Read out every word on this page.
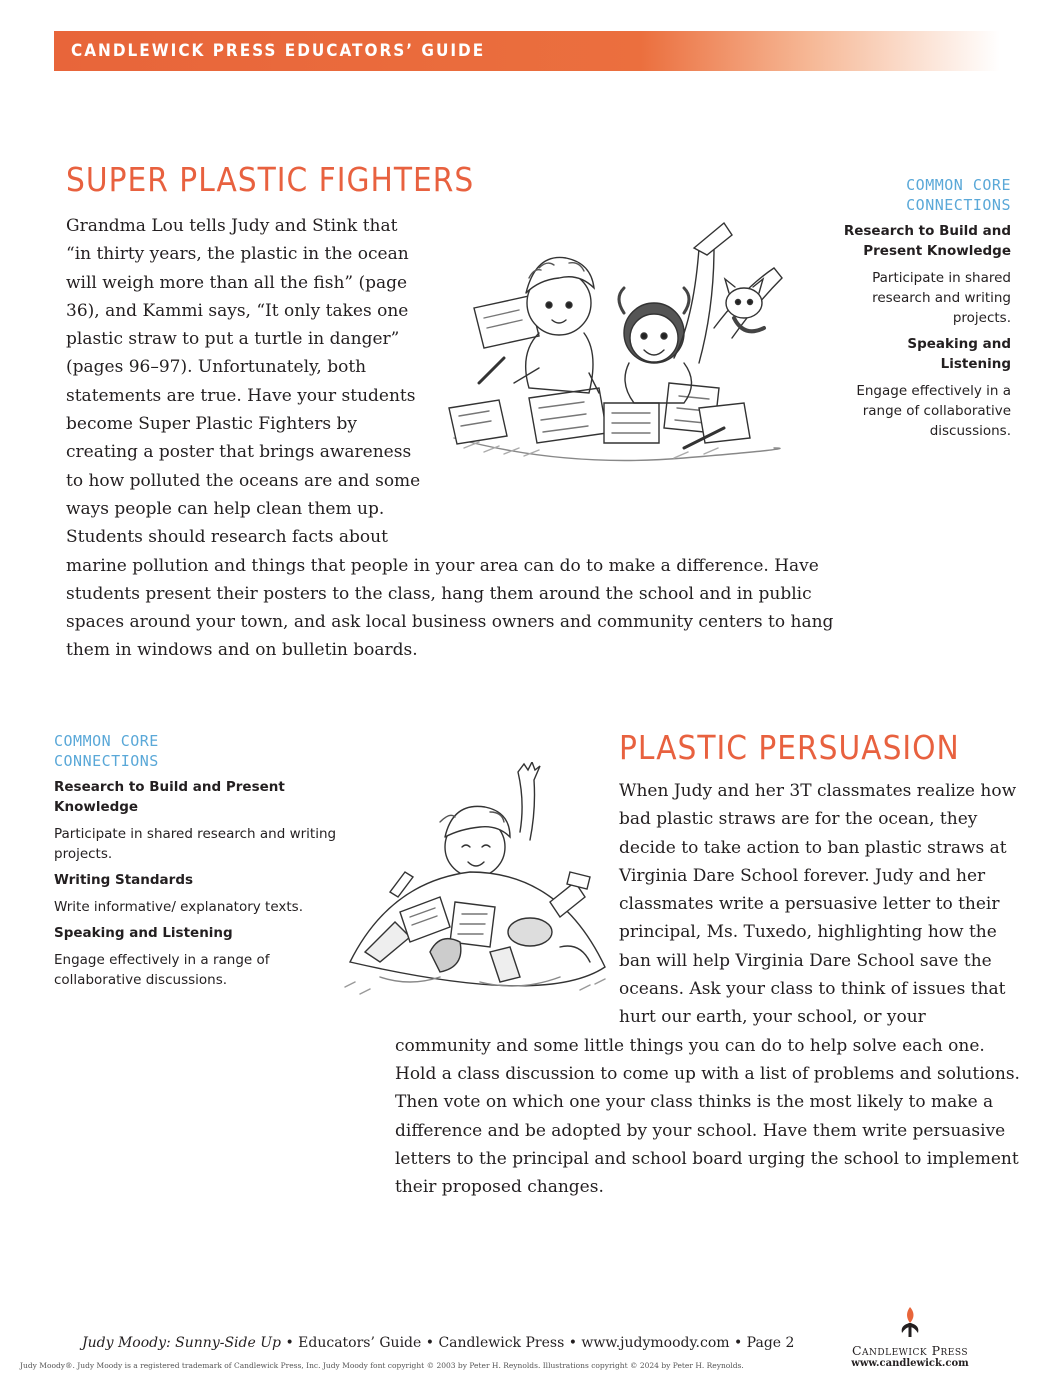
CANDLEWICK PRESS EDUCATORS’ GUIDE
SUPER PLASTIC FIGHTERS
Grandma Lou tells Judy and Stink that “in thirty years, the plastic in the ocean will weigh more than all the fish” (page 36), and Kammi says, “It only takes one plastic straw to put a turtle in danger” (pages 96–97). Unfortunately, both statements are true. Have your students become Super Plastic Fighters by creating a poster that brings awareness to how polluted the oceans are and some ways people can help clean them up. Students should research facts about marine pollution and things that people in your area can do to make a difference. Have students present their posters to the class, hang them around the school and in public spaces around your town, and ask local business owners and community centers to hang them in windows and on bulletin boards.
COMMON CORE
CONNECTIONS
Research to Build and Present Knowledge
Participate in shared research and writing projects.
Speaking and Listening
Engage effectively in a range of collaborative discussions.
COMMON CORE
CONNECTIONS
Research to Build and Present Knowledge
Participate in shared research and writing projects.
Writing Standards
Write informative/ explanatory texts.
Speaking and Listening
Engage effectively in a range of collaborative discussions.
PLASTIC PERSUASION
When Judy and her 3T classmates realize how bad plastic straws are for the ocean, they decide to take action to ban plastic straws at Virginia Dare School forever. Judy and her classmates write a persuasive letter to their principal, Ms. Tuxedo, highlighting how the ban will help Virginia Dare School save the oceans. Ask your class to think of issues that hurt our earth, your school, or your community and some little things you can do to help solve each one. Hold a class discussion to come up with a list of problems and solutions. Then vote on which one your class thinks is the most likely to make a difference and be adopted by your school. Have them write persuasive letters to the principal and school board urging the school to implement their proposed changes.
Judy Moody: Sunny-Side Up • Educators’ Guide • Candlewick Press • www.judymoody.com • Page 2
Judy Moody®. Judy Moody is a registered trademark of Candlewick Press, Inc. Judy Moody font copyright © 2003 by Peter H. Reynolds. Illustrations copyright © 2024 by Peter H. Reynolds.
Candlewick Press
www.candlewick.com
